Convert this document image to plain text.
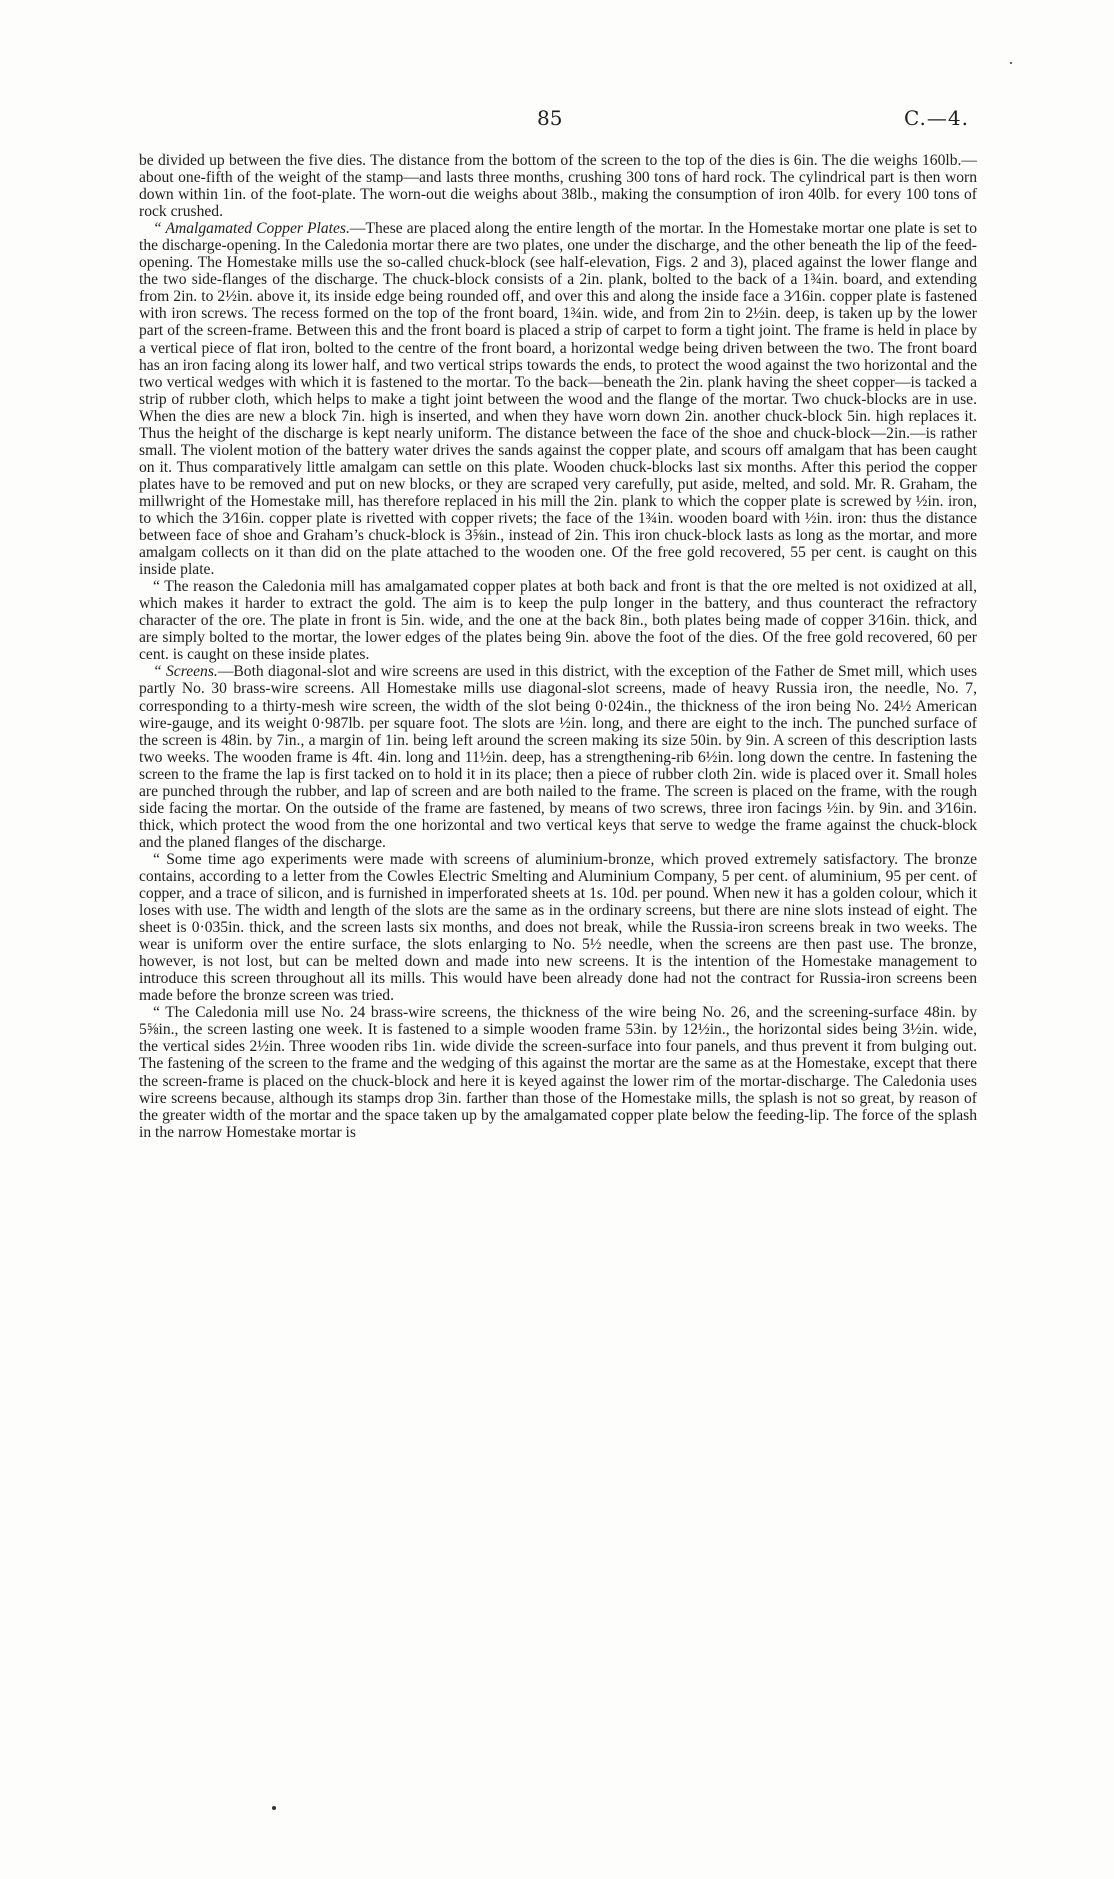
85	C.—4.

be divided up between the five dies. The distance from the bottom of the screen to the top of the dies is 6in. The die weighs 160lb.—about one-fifth of the weight of the stamp—and lasts three months, crushing 300 tons of hard rock. The cylindrical part is then worn down within 1in. of the foot-plate. The worn-out die weighs about 38lb., making the consumption of iron 40lb. for every 100 tons of rock crushed.

“ Amalgamated Copper Plates.—These are placed along the entire length of the mortar. In the Homestake mortar one plate is set to the discharge-opening. In the Caledonia mortar there are two plates, one under the discharge, and the other beneath the lip of the feed-opening. The Homestake mills use the so-called chuck-block (see half-elevation, Figs. 2 and 3), placed against the lower flange and the two side-flanges of the discharge. The chuck-block consists of a 2in. plank, bolted to the back of a 1¾in. board, and extending from 2in. to 2½in. above it, its inside edge being rounded off, and over this and along the inside face a 3⁄16in. copper plate is fastened with iron screws. The recess formed on the top of the front board, 1¾in. wide, and from 2in to 2½in. deep, is taken up by the lower part of the screen-frame. Between this and the front board is placed a strip of carpet to form a tight joint. The frame is held in place by a vertical piece of flat iron, bolted to the centre of the front board, a horizontal wedge being driven between the two. The front board has an iron facing along its lower half, and two vertical strips towards the ends, to protect the wood against the two horizontal and the two vertical wedges with which it is fastened to the mortar. To the back—beneath the 2in. plank having the sheet copper—is tacked a strip of rubber cloth, which helps to make a tight joint between the wood and the flange of the mortar. Two chuck-blocks are in use. When the dies are new a block 7in. high is inserted, and when they have worn down 2in. another chuck-block 5in. high replaces it. Thus the height of the discharge is kept nearly uniform. The distance between the face of the shoe and chuck-block—2in.—is rather small. The violent motion of the battery water drives the sands against the copper plate, and scours off amalgam that has been caught on it. Thus comparatively little amalgam can settle on this plate. Wooden chuck-blocks last six months. After this period the copper plates have to be removed and put on new blocks, or they are scraped very carefully, put aside, melted, and sold. Mr. R. Graham, the millwright of the Homestake mill, has therefore replaced in his mill the 2in. plank to which the copper plate is screwed by ½in. iron, to which the 3⁄16in. copper plate is rivetted with copper rivets; the face of the 1¾in. wooden board with ½in. iron: thus the distance between face of shoe and Graham’s chuck-block is 3⅝in., instead of 2in. This iron chuck-block lasts as long as the mortar, and more amalgam collects on it than did on the plate attached to the wooden one. Of the free gold recovered, 55 per cent. is caught on this inside plate.

“ The reason the Caledonia mill has amalgamated copper plates at both back and front is that the ore melted is not oxidized at all, which makes it harder to extract the gold. The aim is to keep the pulp longer in the battery, and thus counteract the refractory character of the ore. The plate in front is 5in. wide, and the one at the back 8in., both plates being made of copper 3⁄16in. thick, and are simply bolted to the mortar, the lower edges of the plates being 9in. above the foot of the dies. Of the free gold recovered, 60 per cent. is caught on these inside plates.

“ Screens.—Both diagonal-slot and wire screens are used in this district, with the exception of the Father de Smet mill, which uses partly No. 30 brass-wire screens. All Homestake mills use diagonal-slot screens, made of heavy Russia iron, the needle, No. 7, corresponding to a thirty-mesh wire screen, the width of the slot being 0·024in., the thickness of the iron being No. 24½ American wire-gauge, and its weight 0·987lb. per square foot. The slots are ½in. long, and there are eight to the inch. The punched surface of the screen is 48in. by 7in., a margin of 1in. being left around the screen making its size 50in. by 9in. A screen of this description lasts two weeks. The wooden frame is 4ft. 4in. long and 11½in. deep, has a strengthening-rib 6½in. long down the centre. In fastening the screen to the frame the lap is first tacked on to hold it in its place; then a piece of rubber cloth 2in. wide is placed over it. Small holes are punched through the rubber, and lap of screen and are both nailed to the frame. The screen is placed on the frame, with the rough side facing the mortar. On the outside of the frame are fastened, by means of two screws, three iron facings ½in. by 9in. and 3⁄16in. thick, which protect the wood from the one horizontal and two vertical keys that serve to wedge the frame against the chuck-block and the planed flanges of the discharge.

“ Some time ago experiments were made with screens of aluminium-bronze, which proved extremely satisfactory. The bronze contains, according to a letter from the Cowles Electric Smelting and Aluminium Company, 5 per cent. of aluminium, 95 per cent. of copper, and a trace of silicon, and is furnished in imperforated sheets at 1s. 10d. per pound. When new it has a golden colour, which it loses with use. The width and length of the slots are the same as in the ordinary screens, but there are nine slots instead of eight. The sheet is 0·035in. thick, and the screen lasts six months, and does not break, while the Russia-iron screens break in two weeks. The wear is uniform over the entire surface, the slots enlarging to No. 5½ needle, when the screens are then past use. The bronze, however, is not lost, but can be melted down and made into new screens. It is the intention of the Homestake management to introduce this screen throughout all its mills. This would have been already done had not the contract for Russia-iron screens been made before the bronze screen was tried.

“ The Caledonia mill use No. 24 brass-wire screens, the thickness of the wire being No. 26, and the screening-surface 48in. by 5⅝in., the screen lasting one week. It is fastened to a simple wooden frame 53in. by 12½in., the horizontal sides being 3½in. wide, the vertical sides 2½in. Three wooden ribs 1in. wide divide the screen-surface into four panels, and thus prevent it from bulging out. The fastening of the screen to the frame and the wedging of this against the mortar are the same as at the Homestake, except that there the screen-frame is placed on the chuck-block and here it is keyed against the lower rim of the mortar-discharge. The Caledonia uses wire screens because, although its stamps drop 3in. farther than those of the Homestake mills, the splash is not so great, by reason of the greater width of the mortar and the space taken up by the amalgamated copper plate below the feeding-lip. The force of the splash in the narrow Homestake mortar is
